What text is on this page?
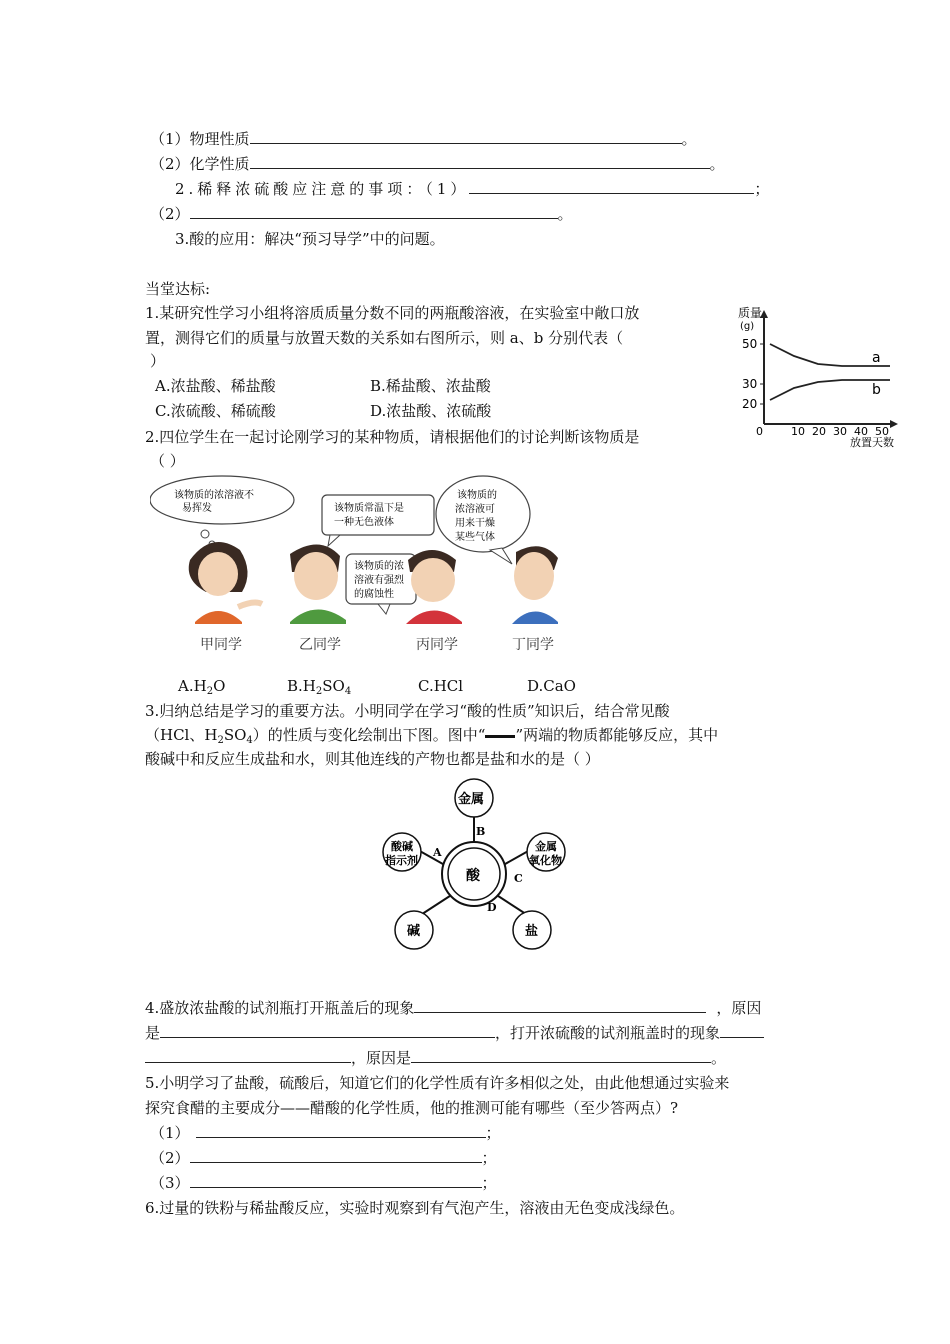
（1）物理性质	。
（2）化学性质	。
2.稀释浓硫酸应注意的事项：（1）	；
（2）	。
3.酸的应用：解决“预习导学”中的问题。
当堂达标:
1.某研究性学习小组将溶质质量分数不同的两瓶酸溶液，在实验室中敞口放
置，测得它们的质量与放置天数的关系如右图所示，则 a、b 分别代表（
）
A.浓盐酸、稀盐酸	B.稀盐酸、浓盐酸
C.浓硫酸、稀硫酸	D.浓盐酸、浓硫酸
质量
(g)
50
30
20
0	10 20 30 40 50
a
b
放置天数
2.四位学生在一起讨论刚学习的某种物质，请根据他们的讨论判断该物质是
（ ）
该物质的浓溶液不
易挥发	该物质常温下是
一种无色液体
该物质的
浓溶液可
用来干燥
某些气体
该物质的浓
溶液有强烈
的腐蚀性
甲同学	乙同学	丙同学	丁同学
$A.H_2O$	$B.H_2SO_4$	C.HCl	D.CaO
3.归纳总结是学习的重要方法。小明同学在学习“酸的性质”知识后，结合常见酸
（HCl、$H_2SO_4$）的性质与变化绘制出下图。图中“ ”两端的物质都能够反应，其中
酸碱中和反应生成盐和水，则其他连线的产物也都是盐和水的是（ ）
酸
金属
酸碱
指示剂
金属
氧化物
碱	盐
A
B
C
D
4.盛放浓盐酸的试剂瓶打开瓶盖后的现象	，原因
是	，打开浓硫酸的试剂瓶盖时的现象
，原因是	。
5.小明学习了盐酸，硫酸后，知道它们的化学性质有许多相似之处，由此他想通过实验来
探究食醋的主要成分——醋酸的化学性质，他的推测可能有哪些（至少答两点）?
（1）	；
（2）	；
（3）	；
6.过量的铁粉与稀盐酸反应，实验时观察到有气泡产生，溶液由无色变成浅绿色。
